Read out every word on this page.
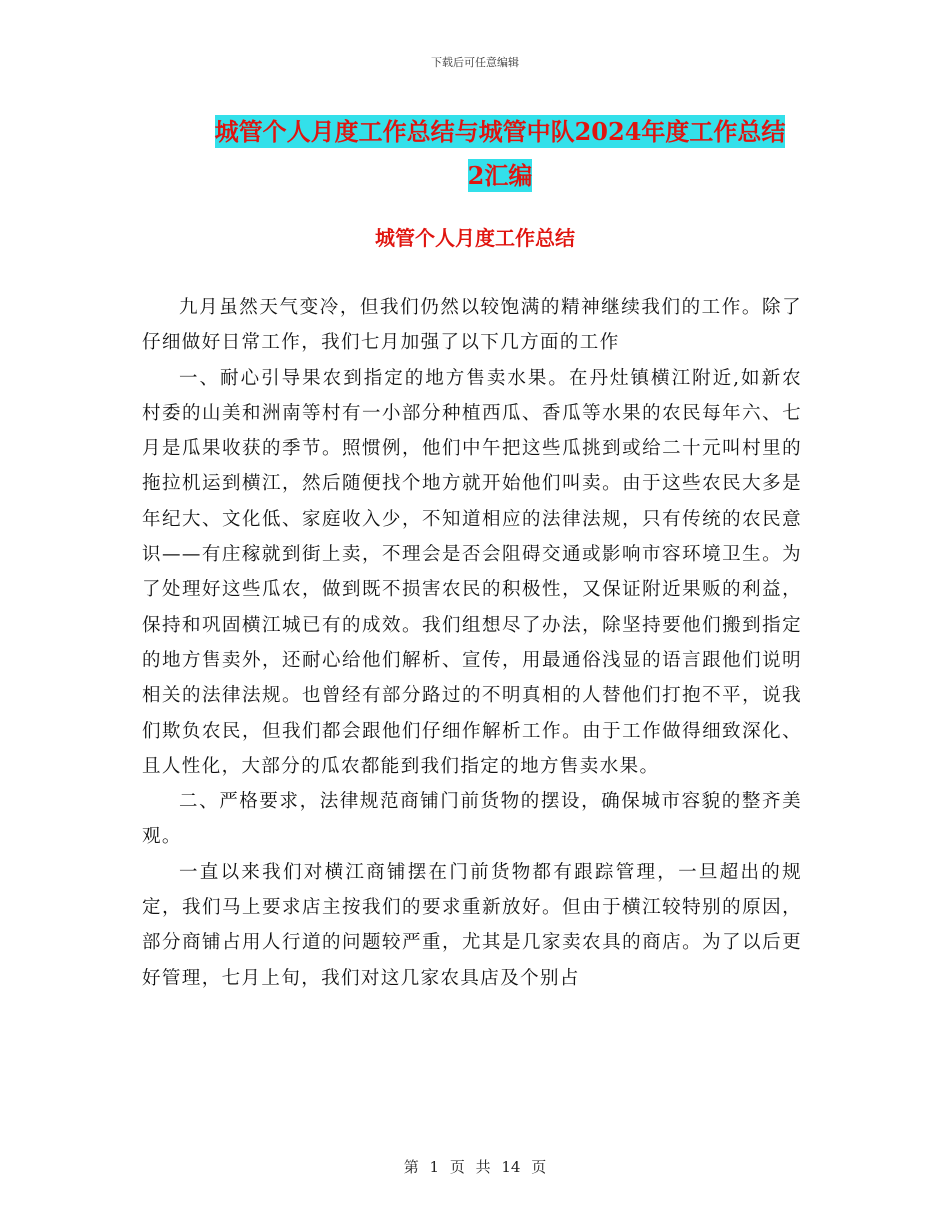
下载后可任意编辑
城管个人月度工作总结与城管中队2024年度工作总结
2汇编
城管个人月度工作总结

九月虽然天气变冷，但我们仍然以较饱满的精神继续我们的工作。除了仔细做好日常工作，我们七月加强了以下几方面的工作

一、耐心引导果农到指定的地方售卖水果。在丹灶镇横江附近,如新农村委的山美和洲南等村有一小部分种植西瓜、香瓜等水果的农民每年六、七月是瓜果收获的季节。照惯例，他们中午把这些瓜挑到或给二十元叫村里的拖拉机运到横江，然后随便找个地方就开始他们叫卖。由于这些农民大多是年纪大、文化低、家庭收入少，不知道相应的法律法规，只有传统的农民意识——有庄稼就到街上卖，不理会是否会阻碍交通或影响市容环境卫生。为了处理好这些瓜农，做到既不损害农民的积极性，又保证附近果贩的利益，保持和巩固横江城已有的成效。我们组想尽了办法，除坚持要他们搬到指定的地方售卖外，还耐心给他们解析、宣传，用最通俗浅显的语言跟他们说明相关的法律法规。也曾经有部分路过的不明真相的人替他们打抱不平，说我们欺负农民，但我们都会跟他们仔细作解析工作。由于工作做得细致深化、且人性化，大部分的瓜农都能到我们指定的地方售卖水果。

二、严格要求，法律规范商铺门前货物的摆设，确保城市容貌的整齐美观。

一直以来我们对横江商铺摆在门前货物都有跟踪管理，一旦超出的规定，我们马上要求店主按我们的要求重新放好。但由于横江较特别的原因，部分商铺占用人行道的问题较严重，尤其是几家卖农具的商店。为了以后更好管理，七月上旬，我们对这几家农具店及个别占

第 1 页 共 14 页
